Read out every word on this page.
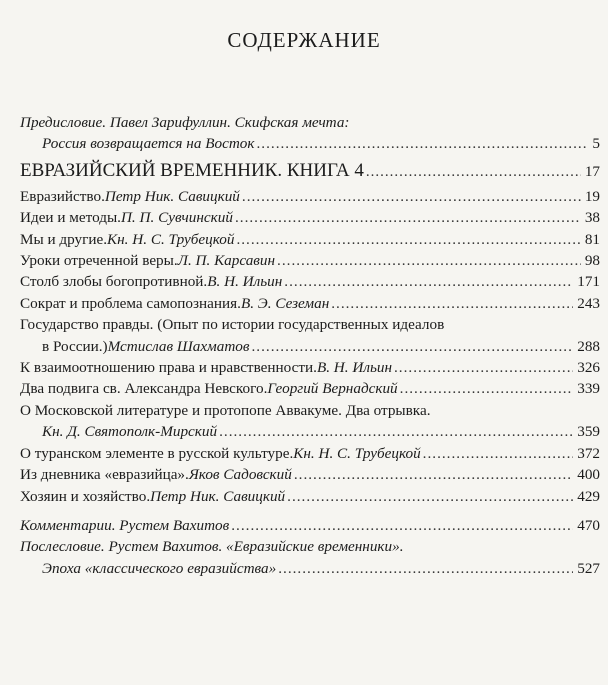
СОДЕРЖАНИЕ
Предисловие. Павел Зарифуллин. Скифская мечта:
Россия возвращается на Восток .....	5
ЕВРАЗИЙСКИЙ ВРЕМЕННИК. КНИГА 4 .....	17
Евразийство. Петр Ник. Савицкий .....	19
Идеи и методы. П. П. Сувчинский .....	38
Мы и другие. Кн. Н. С. Трубецкой .....	81
Уроки отреченной веры. Л. П. Карсавин .....	98
Столб злобы богопротивной. В. Н. Ильин .....	171
Сократ и проблема самопознания. В. Э. Сеземан .....	243
Государство правды. (Опыт по истории государственных идеалов
в России.) Мстислав Шахматов .....	288
К взаимоотношению права и нравственности. В. Н. Ильин .....	326
Два подвига св. Александра Невского. Георгий Вернадский .....	339
О Московской литературе и протопопе Аввакуме. Два отрывка.
Кн. Д. Святополк-Мирский .....	359
О туранском элементе в русской культуре. Кн. Н. С. Трубецкой .....	372
Из дневника «евразийца». Яков Садовский .....	400
Хозяин и хозяйство. Петр Ник. Савицкий .....	429
Комментарии. Рустем Вахитов .....	470
Послесловие. Рустем Вахитов. «Евразийские временники».
Эпоха «классического евразийства» .....	527
